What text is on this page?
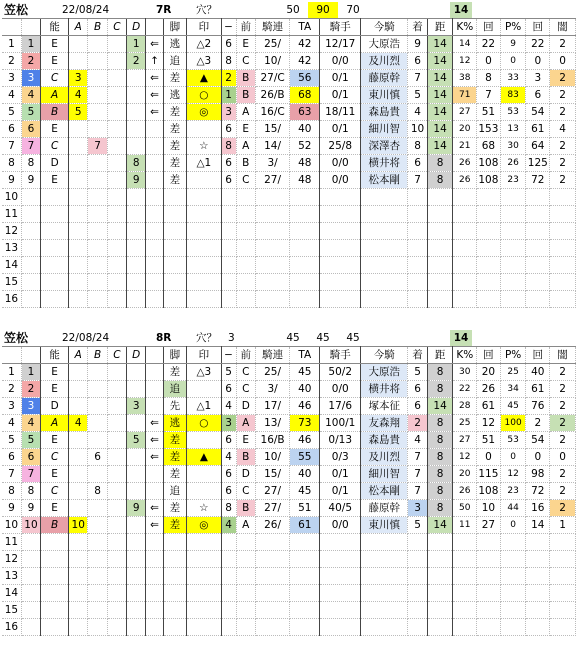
笠松	22/08/24	7R 穴？	50	90	70	14
		能	A	B	C	D		脚	印	−	前	騎連	TA	騎手	今騎	着	距	K%	回	P%	回	闇
1	1	E				1	⇐	逃	△2	6	E	25/	42	12/17	大原浩	9	14	14	22	9	22	2
2	2	E				2	↑	追	△3	8	C	10/	42	0/0	及川烈	6	14	12	0	0	0	0
3	3	C	3				⇐	差	▲	2	B	27/C	56	0/1	藤原幹	7	14	38	8	33	3	2
4	4	A	4				⇐	逃	○	1	B	26/B	68	0/1	東川慎	5	14	71	7	83	6	2
5	5	B	5				⇐	差	◎	3	A	16/C	63	18/11	森島貴	4	14	27	51	53	54	2
6	6	E						差		6	E	15/	40	0/1	細川智	10	14	20	153	13	61	4
7	7	C		7				差	☆	8	A	14/	52	25/8	深澤杏	8	14	21	68	30	64	2
8	8	D				8		差	△1	6	B	3/	48	0/0	横井将	6	8	26	108	26	125	2
9	9	E				9		差		6	C	27/	48	0/0	松本剛	7	8	26	108	23	72	2
10																						
11																						
12																						
13																						
14																						
15																						
16																						
笠松	22/08/24	8R 穴？ 3	45	45	45	14
		能	A	B	C	D		脚	印	−	前	騎連	TA	騎手	今騎	着	距	K%	回	P%	回	闇
1	1	E						差	△3	5	C	25/	45	50/2	大原浩	5	8	30	20	25	40	2
2	2	E						追		6	C	3/	40	0/0	横井将	6	8	22	26	34	61	2
3	3	D				3		先	△1	4	D	17/	46	17/6	塚本征	6	14	28	61	45	76	2
4	4	A	4				⇐	逃	○	3	A	13/	73	100/1	友森翔	2	8	25	12	100	2	2
5	5	E				5	⇐	差		6	E	16/B	46	0/13	森島貴	4	8	27	51	53	54	2
6	6	C		6			⇐	差	▲	4	B	10/	55	0/3	及川烈	7	8	12	0	0	0	0
7	7	E						差		6	D	15/	40	0/1	細川智	7	8	20	115	12	98	2
8	8	C		8				追		6	C	27/	45	0/1	松本剛	7	8	26	108	23	72	2
9	9	E				9	⇐	差	☆	8	B	27/	51	40/5	藤原幹	3	8	50	10	44	16	2
10	10	B	10				⇐	差	◎	4	A	26/	61	0/0	東川慎	5	14	11	27	0	14	1
11																						
12																						
13																						
14																						
15																						
16																						
